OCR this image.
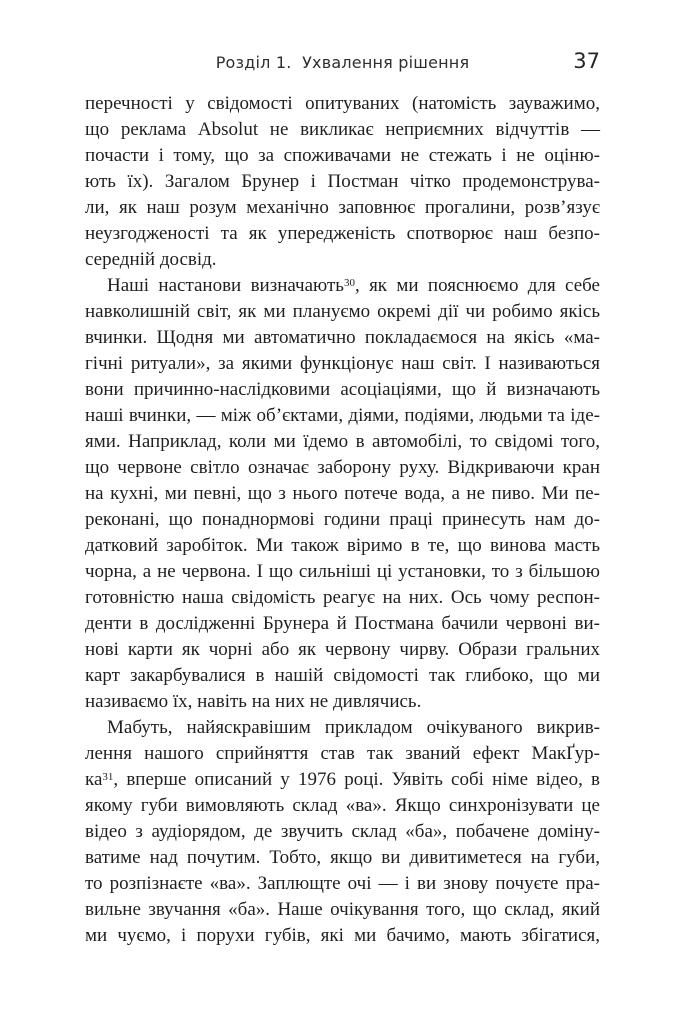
Розділ 1.  Ухвалення рішення	37
перечності у свідомості опитуваних (натомість зауважимо,
що реклама Absolut не викликає неприємних відчуттів —
почасти і тому, що за споживачами не стежать і не оціню-
ють їх). Загалом Брунер і Постман чітко продемонструва-
ли, як наш розум механічно заповнює прогалини, розв’язує
неузгодженості та як упередженість спотворює наш безпо-
середній досвід.
Наші настанови визначають$^{30}$, як ми пояснюємо для себе
навколишній світ, як ми плануємо окремі дії чи робимо якісь
вчинки. Щодня ми автоматично покладаємося на якісь «ма-
гічні ритуали», за якими функціонує наш світ. І називаються
вони причинно-наслідковими асоціаціями, що й визначають
наші вчинки, — між об’єктами, діями, подіями, людьми та іде-
ями. Наприклад, коли ми їдемо в автомобілі, то свідомі того,
що червоне світло означає заборону руху. Відкриваючи кран
на кухні, ми певні, що з нього потече вода, а не пиво. Ми пе-
реконані, що понаднормові години праці принесуть нам до-
датковий заробіток. Ми також віримо в те, що винова масть
чорна, а не червона. І що сильніші ці установки, то з більшою
готовністю наша свідомість реагує на них. Ось чому респон-
денти в дослідженні Брунера й Постмана бачили червоні ви-
нові карти як чорні або як червону чирву. Образи гральних
карт закарбувалися в нашій свідомості так глибоко, що ми
називаємо їх, навіть на них не дивлячись.
Мабуть, найяскравішим прикладом очікуваного викрив-
лення нашого сприйняття став так званий ефект МакҐур-
$ка^{31}$, вперше описаний у 1976 році. Уявіть собі німе відео, в
якому губи вимовляють склад «ва». Якщо синхронізувати це
відео з аудіорядом, де звучить склад «ба», побачене доміну-
ватиме над почутим. Тобто, якщо ви дивитиметеся на губи,
то розпізнаєте «ва». Заплющте очі — і ви знову почуєте пра-
вильне звучання «ба». Наше очікування того, що склад, який
ми чуємо, і порухи губів, які ми бачимо, мають збігатися,
